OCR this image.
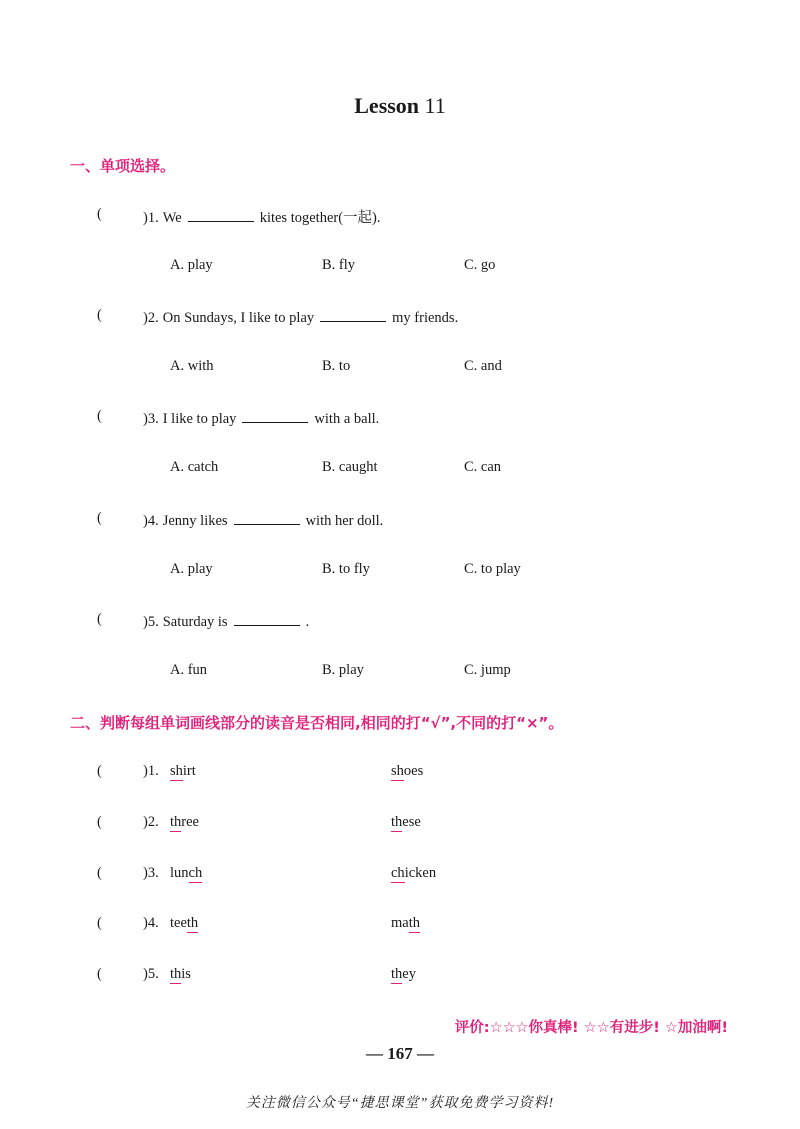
Lesson 11
一、单项选择。
(	)1. We	kites together(一起).
A. play	B. fly	C. go
(	)2. On Sundays, I like to play	my friends.
A. with	B. to	C. and
(	)3. I like to play	with a ball.
A. catch	B. caught	C. can
(	)4. Jenny likes	with her doll.
A. play	B. to fly	C. to play
(	)5. Saturday is	.
A. fun	B. play	C. jump
二、判断每组单词画线部分的读音是否相同,相同的打“√”,不同的打“×”。
(	)1. shirt	shoes
(	)2. three	these
(	)3. lunch	chicken
(	)4. teeth	math
(	)5. this	they
评价:☆☆☆你真棒! ☆☆有进步! ☆加油啊!
— 167 —
关注微信公众号“捷思课堂”获取免费学习资料!
